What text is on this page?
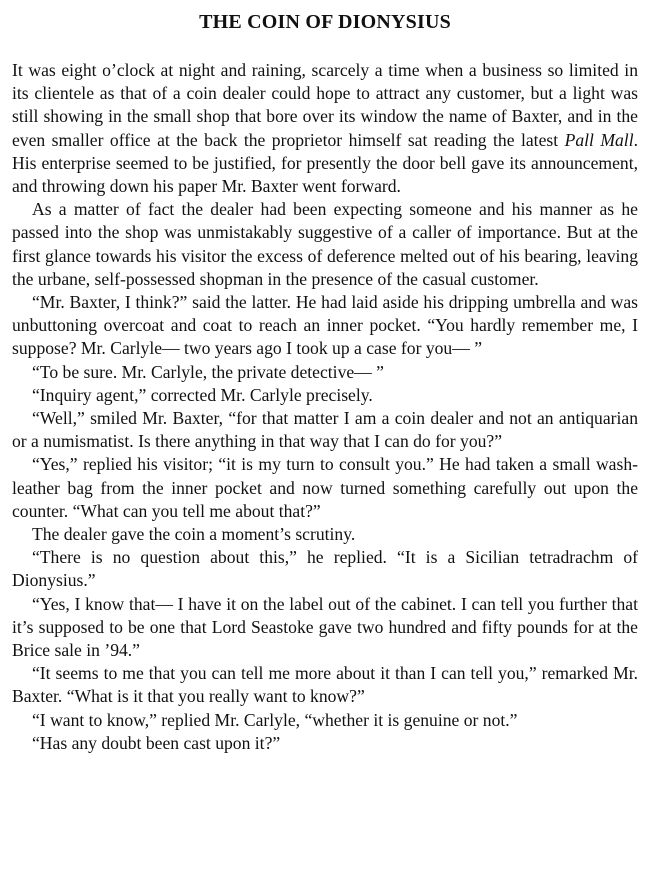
THE COIN OF DIONYSIUS

It was eight o’clock at night and raining, scarcely a time when a business so limited in its clientele as that of a coin dealer could hope to attract any customer, but a light was still showing in the small shop that bore over its window the name of Baxter, and in the even smaller office at the back the proprietor himself sat reading the latest Pall Mall. His enterprise seemed to be justified, for presently the door bell gave its announcement, and throwing down his paper Mr. Baxter went forward.

As a matter of fact the dealer had been expecting someone and his manner as he passed into the shop was unmistakably suggestive of a caller of importance. But at the first glance towards his visitor the excess of deference melted out of his bearing, leaving the urbane, self-possessed shopman in the presence of the casual customer.

“Mr. Baxter, I think?” said the latter. He had laid aside his dripping umbrella and was unbuttoning overcoat and coat to reach an inner pocket. “You hardly remember me, I suppose? Mr. Carlyle— two years ago I took up a case for you— ”

“To be sure. Mr. Carlyle, the private detective— ”

“Inquiry agent,” corrected Mr. Carlyle precisely.

“Well,” smiled Mr. Baxter, “for that matter I am a coin dealer and not an antiquarian or a numismatist. Is there anything in that way that I can do for you?”

“Yes,” replied his visitor; “it is my turn to consult you.” He had taken a small wash-leather bag from the inner pocket and now turned something carefully out upon the counter. “What can you tell me about that?”

The dealer gave the coin a moment’s scrutiny.

“There is no question about this,” he replied. “It is a Sicilian tetradrachm of Dionysius.”

“Yes, I know that— I have it on the label out of the cabinet. I can tell you further that it’s supposed to be one that Lord Seastoke gave two hundred and fifty pounds for at the Brice sale in ’94.”

“It seems to me that you can tell me more about it than I can tell you,” remarked Mr. Baxter. “What is it that you really want to know?”

“I want to know,” replied Mr. Carlyle, “whether it is genuine or not.”

“Has any doubt been cast upon it?”
